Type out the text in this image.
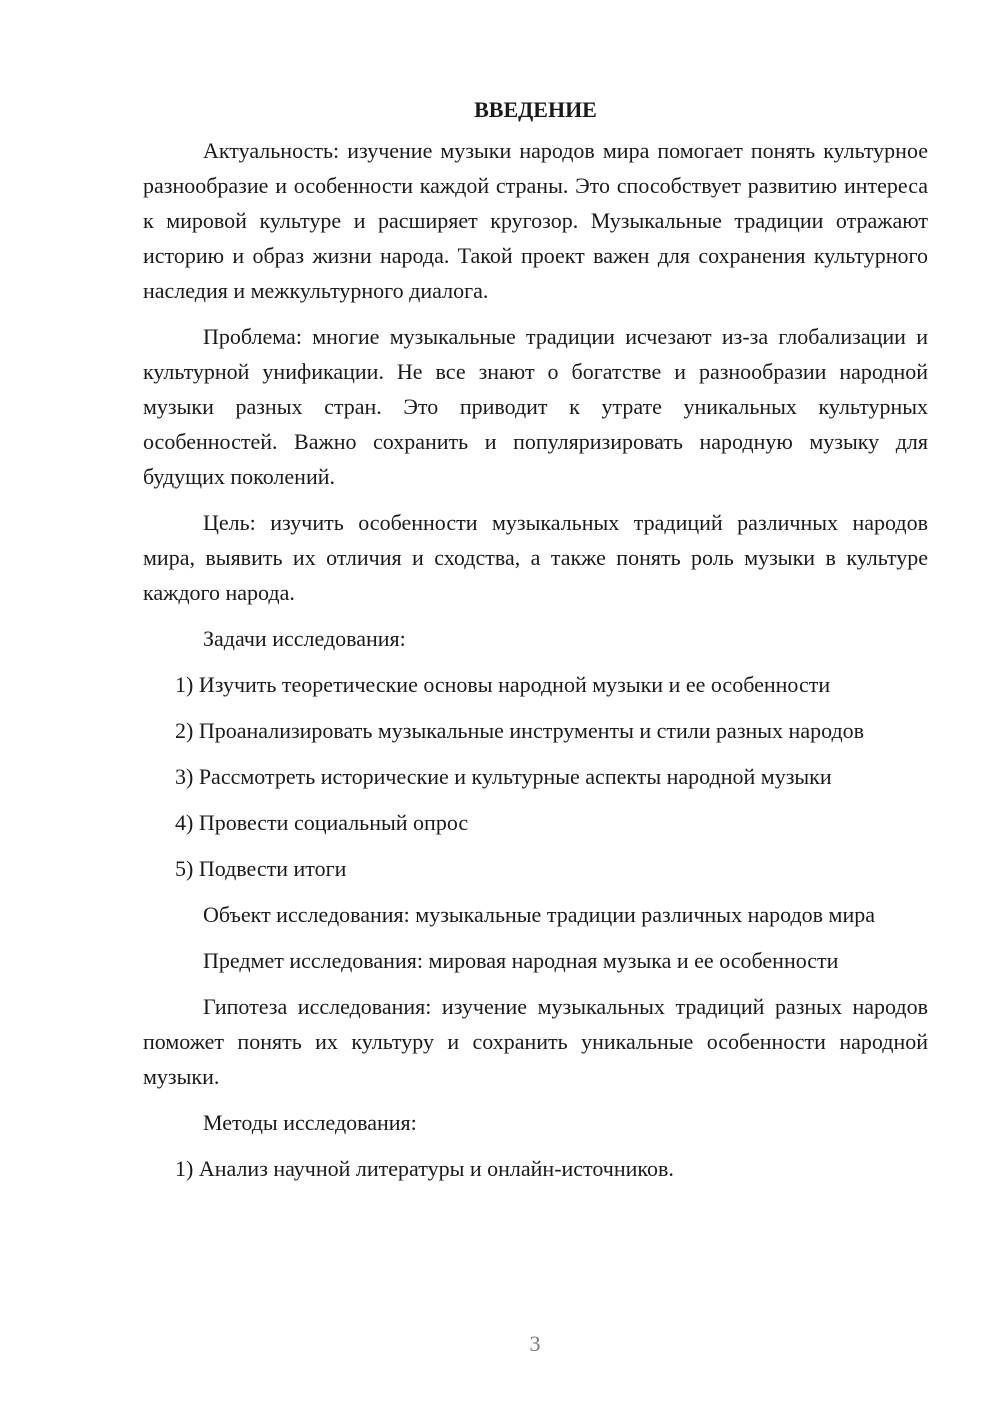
ВВЕДЕНИЕ

Актуальность: изучение музыки народов мира помогает понять культурное разнообразие и особенности каждой страны. Это способствует развитию интереса к мировой культуре и расширяет кругозор. Музыкальные традиции отражают историю и образ жизни народа. Такой проект важен для сохранения культурного наследия и межкультурного диалога.

Проблема: многие музыкальные традиции исчезают из-за глобализации и культурной унификации. Не все знают о богатстве и разнообразии народной музыки разных стран. Это приводит к утрате уникальных культурных особенностей. Важно сохранить и популяризировать народную музыку для будущих поколений.

Цель: изучить особенности музыкальных традиций различных народов мира, выявить их отличия и сходства, а также понять роль музыки в культуре каждого народа.

Задачи исследования:

1) Изучить теоретические основы народной музыки и ее особенности

2) Проанализировать музыкальные инструменты и стили разных народов

3) Рассмотреть исторические и культурные аспекты народной музыки

4) Провести социальный опрос

5) Подвести итоги

Объект исследования: музыкальные традиции различных народов мира

Предмет исследования: мировая народная музыка и ее особенности

Гипотеза исследования: изучение музыкальных традиций разных народов поможет понять их культуру и сохранить уникальные особенности народной музыки.

Методы исследования:

1) Анализ научной литературы и онлайн-источников.

3
